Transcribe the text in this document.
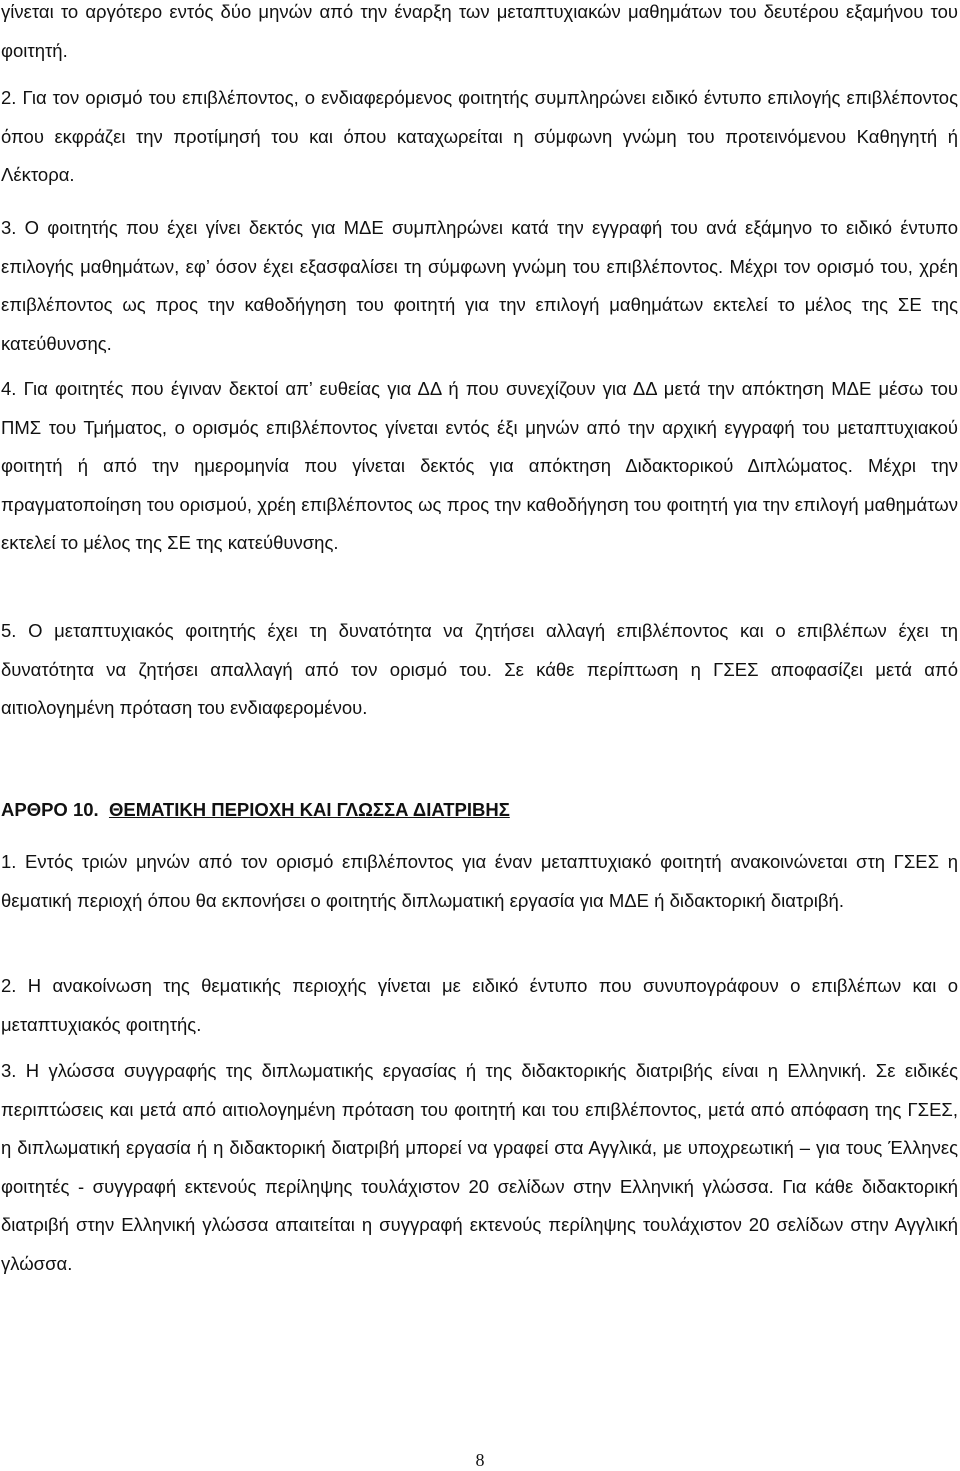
γίνεται το αργότερο εντός δύο μηνών από την έναρξη των μεταπτυχιακών μαθημάτων του δευτέρου εξαμήνου του φοιτητή.

2. Για τον ορισμό του επιβλέποντος, ο ενδιαφερόμενος φοιτητής συμπληρώνει ειδικό έντυπο επιλογής επιβλέποντος όπου εκφράζει την προτίμησή του και όπου καταχωρείται η σύμφωνη γνώμη του προτεινόμενου Καθηγητή ή Λέκτορα.

3. Ο φοιτητής που έχει γίνει δεκτός για ΜΔΕ συμπληρώνει κατά την εγγραφή του ανά εξάμηνο το ειδικό έντυπο επιλογής μαθημάτων, εφ’ όσον έχει εξασφαλίσει τη σύμφωνη γνώμη του επιβλέποντος. Μέχρι τον ορισμό του, χρέη επιβλέποντος ως προς την καθοδήγηση του φοιτητή για την επιλογή μαθημάτων εκτελεί το μέλος της ΣΕ της κατεύθυνσης.

4. Για φοιτητές που έγιναν δεκτοί απ’ ευθείας για ΔΔ ή που συνεχίζουν για ΔΔ μετά την απόκτηση ΜΔΕ μέσω του ΠΜΣ του Τμήματος, ο ορισμός επιβλέποντος γίνεται εντός έξι μηνών από την αρχική εγγραφή του μεταπτυχιακού φοιτητή ή από την ημερομηνία που γίνεται δεκτός για απόκτηση Διδακτορικού Διπλώματος. Μέχρι την πραγματοποίηση του ορισμού, χρέη επιβλέποντος ως προς την καθοδήγηση του φοιτητή για την επιλογή μαθημάτων εκτελεί το μέλος της ΣΕ της κατεύθυνσης.

5. Ο μεταπτυχιακός φοιτητής έχει τη δυνατότητα να ζητήσει αλλαγή επιβλέποντος και ο επιβλέπων έχει τη δυνατότητα να ζητήσει απαλλαγή από τον ορισμό του. Σε κάθε περίπτωση η ΓΣΕΣ αποφασίζει μετά από αιτιολογημένη πρόταση του ενδιαφερομένου.

ΑΡΘΡΟ 10. ΘΕΜΑΤΙΚΗ ΠΕΡΙΟΧΗ ΚΑΙ ΓΛΩΣΣΑ ΔΙΑΤΡΙΒΗΣ

1. Εντός τριών μηνών από τον ορισμό επιβλέποντος για έναν μεταπτυχιακό φοιτητή ανακοινώνεται στη ΓΣΕΣ η θεματική περιοχή όπου θα εκπονήσει ο φοιτητής διπλωματική εργασία για ΜΔΕ ή διδακτορική διατριβή.

2. Η ανακοίνωση της θεματικής περιοχής γίνεται με ειδικό έντυπο που συνυπογράφουν ο επιβλέπων και ο μεταπτυχιακός φοιτητής.

3. Η γλώσσα συγγραφής της διπλωματικής εργασίας ή της διδακτορικής διατριβής είναι η Ελληνική. Σε ειδικές περιπτώσεις και μετά από αιτιολογημένη πρόταση του φοιτητή και του επιβλέποντος, μετά από απόφαση της ΓΣΕΣ, η διπλωματική εργασία ή η διδακτορική διατριβή μπορεί να γραφεί στα Αγγλικά, με υποχρεωτική – για τους Έλληνες φοιτητές - συγγραφή εκτενούς περίληψης τουλάχιστον 20 σελίδων στην Ελληνική γλώσσα. Για κάθε διδακτορική διατριβή στην Ελληνική γλώσσα απαιτείται η συγγραφή εκτενούς περίληψης τουλάχιστον 20 σελίδων στην Αγγλική γλώσσα.

8
